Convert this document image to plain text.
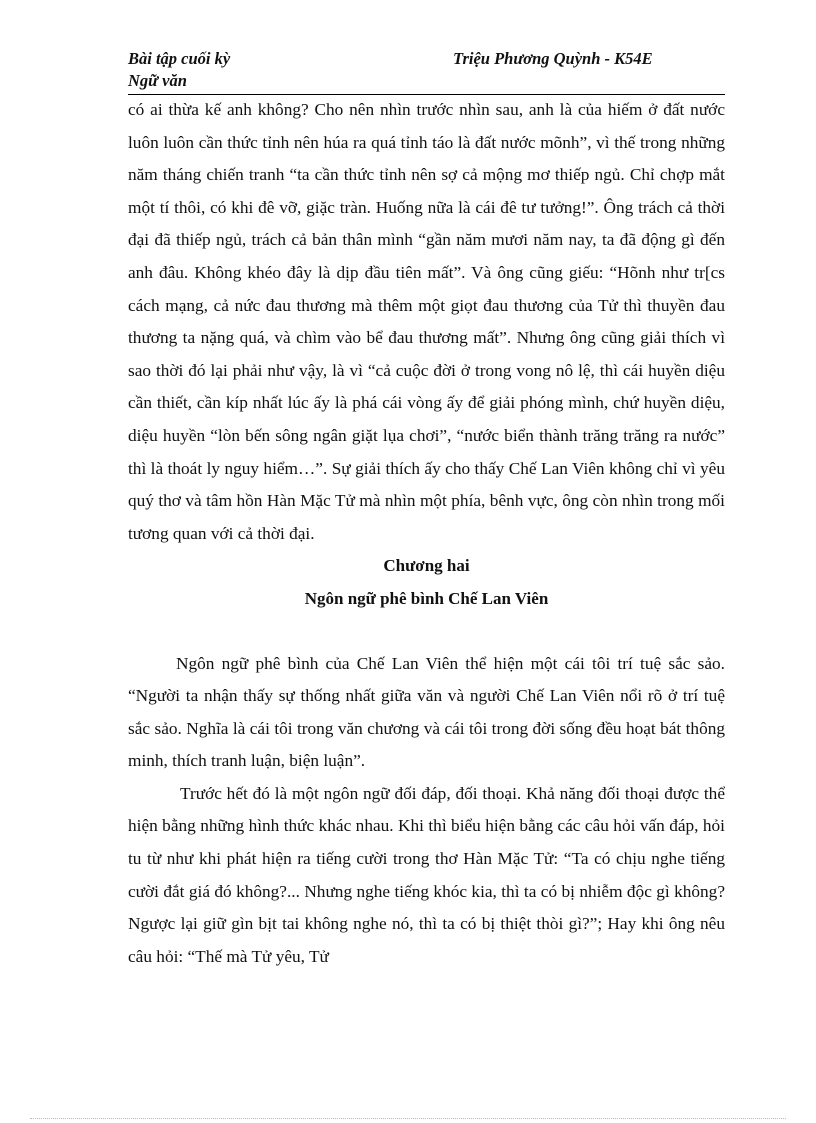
Bài tập cuối kỳ
Ngữ văn
Triệu Phương Quỳnh - K54E

có ai thừa kế anh không? Cho nên nhìn trước nhìn sau, anh là của hiếm ở đất nước luôn luôn cần thức tỉnh nên húa ra quá tỉnh táo là đất nước mõnh”, vì thế trong những năm tháng chiến tranh “ta cần thức tỉnh nên sợ cả mộng mơ thiếp ngủ. Chỉ chợp mắt một tí thôi, có khi đê vỡ, giặc tràn. Huống nữa là cái đê tư tưởng!”. Ông trách cả thời đại đã thiếp ngủ, trách cả bản thân mình “gần năm mươi năm nay, ta đã động gì đến anh đâu. Không khéo đây là dịp đầu tiên mất”. Và ông cũng giếu: “Hõnh như tr[cs cách mạng, cả nức đau thương mà thêm một giọt đau thương của Tử thì thuyền đau thương ta nặng quá, và chìm vào bể đau thương mất”. Nhưng ông cũng giải thích vì sao thời đó lại phải như vậy, là vì “cả cuộc đời ở trong vong nô lệ, thì cái huyền diệu cần thiết, cần kíp nhất lúc ấy là phá cái vòng ấy để giải phóng mình, chứ huyền diệu, diệu huyền “lòn bến sông ngân giặt lụa chơi”, “nước biển thành trăng trăng ra nước” thì là thoát ly nguy hiểm…”. Sự giải thích ấy cho thấy Chế Lan Viên không chỉ vì yêu quý thơ và tâm hồn Hàn Mặc Tử mà nhìn một phía, bênh vực, ông còn nhìn trong mối tương quan với cả thời đại.

Chương hai

Ngôn ngữ phê bình Chế Lan Viên

Ngôn ngữ phê bình của Chế Lan Viên thể hiện một cái tôi trí tuệ sắc sảo. “Người ta nhận thấy sự thống nhất giữa văn và người Chế Lan Viên nổi rõ ở trí tuệ sắc sảo. Nghĩa là cái tôi trong văn chương và cái tôi trong đời sống đều hoạt bát thông minh, thích tranh luận, biện luận”.

Trước hết đó là một ngôn ngữ đối đáp, đối thoại. Khả năng đối thoại được thể hiện bằng những hình thức khác nhau. Khi thì biểu hiện bằng các câu hỏi vấn đáp, hỏi tu từ như khi phát hiện ra tiếng cười trong thơ Hàn Mặc Tử: “Ta có chịu nghe tiếng cười đắt giá đó không?... Nhưng nghe tiếng khóc kia, thì ta có bị nhiễm độc gì không? Ngược lại giữ gìn bịt tai không nghe nó, thì ta có bị thiệt thòi gì?”; Hay khi ông nêu câu hỏi: “Thế mà Tử yêu, Tử
